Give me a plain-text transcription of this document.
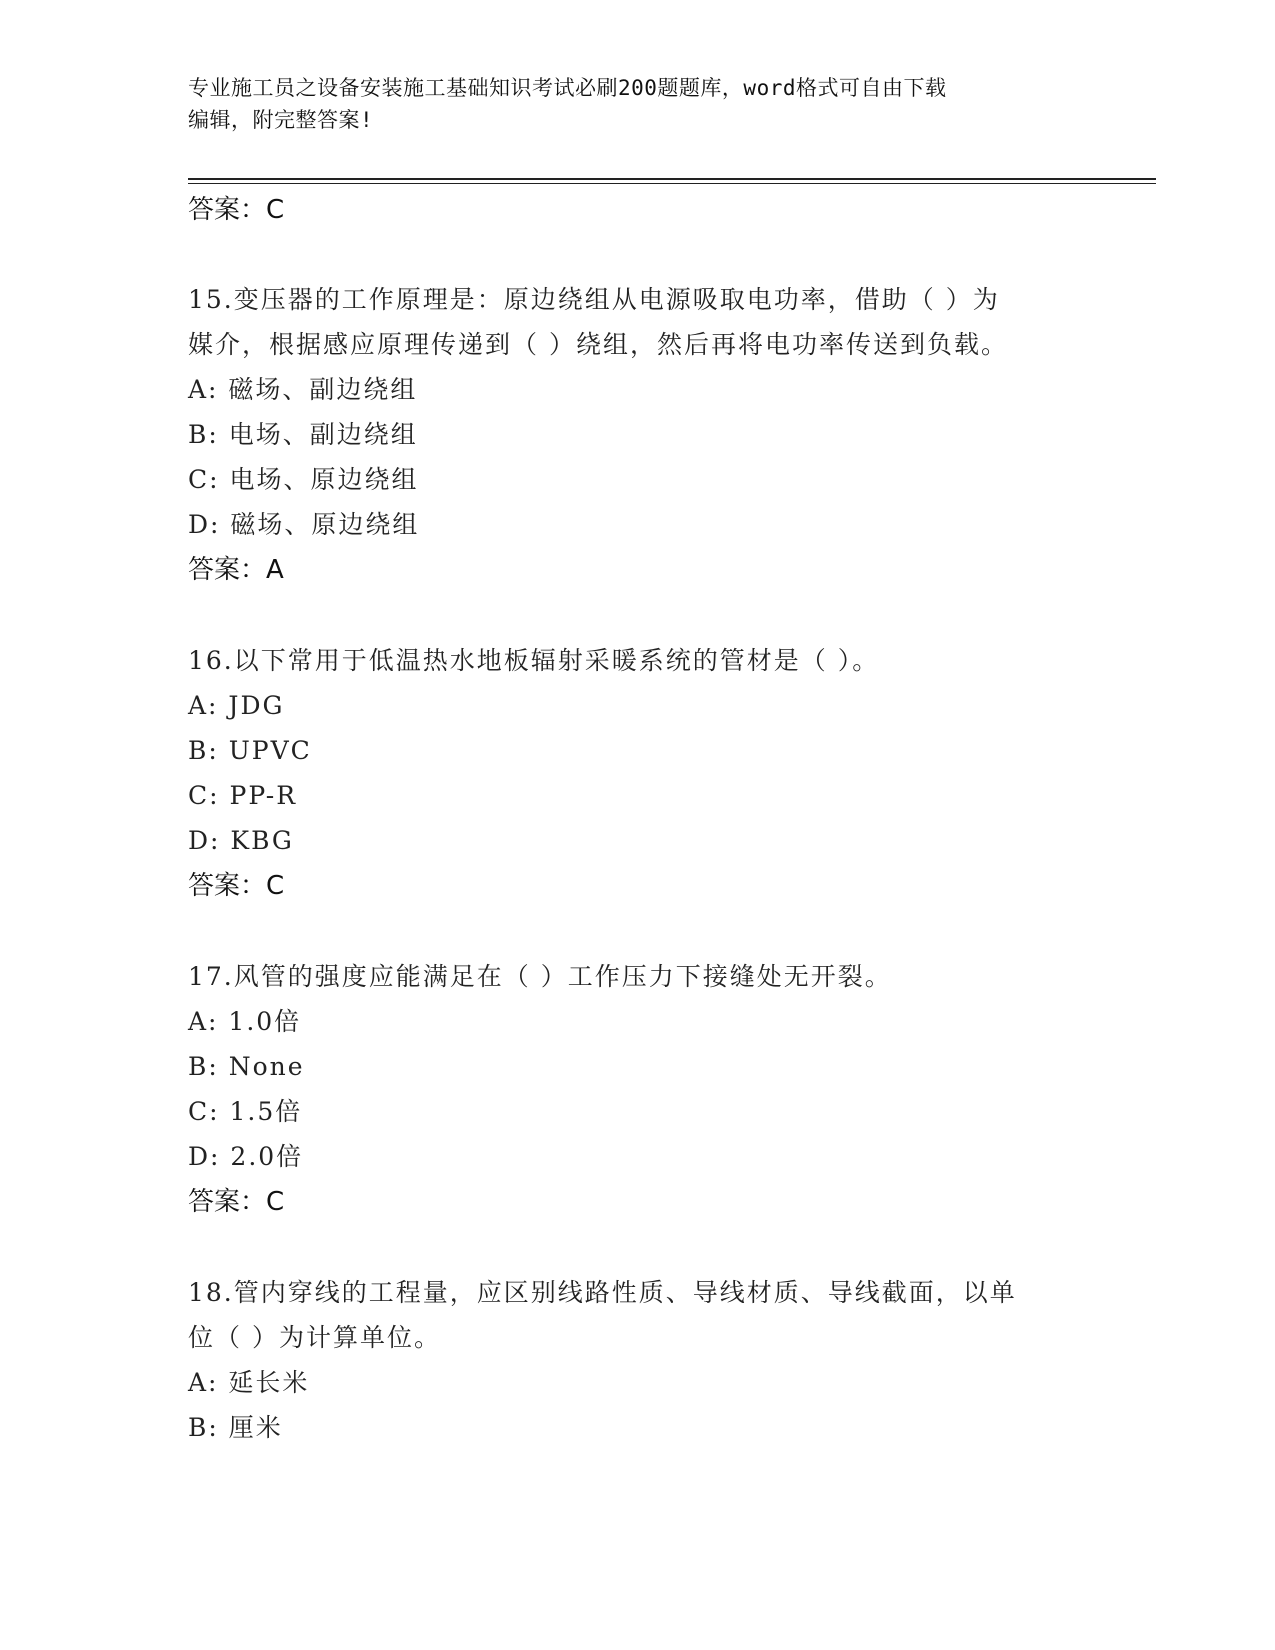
专业施工员之设备安装施工基础知识考试必刷200题题库，word格式可自由下载
编辑，附完整答案!
答案：C
15.变压器的工作原理是：原边绕组从电源吸取电功率，借助（ ）为
媒介，根据感应原理传递到（ ）绕组，然后再将电功率传送到负载。
A: 磁场、副边绕组
B: 电场、副边绕组
C: 电场、原边绕组
D: 磁场、原边绕组
答案：A
16.以下常用于低温热水地板辐射采暖系统的管材是（ ）。
A: JDG
B: UPVC
C: PP-R
D: KBG
答案：C
17.风管的强度应能满足在（ ）工作压力下接缝处无开裂。
A: 1.0倍
B: None
C: 1.5倍
D: 2.0倍
答案：C
18.管内穿线的工程量，应区别线路性质、导线材质、导线截面，以单
位（ ）为计算单位。
A: 延长米
B: 厘米
